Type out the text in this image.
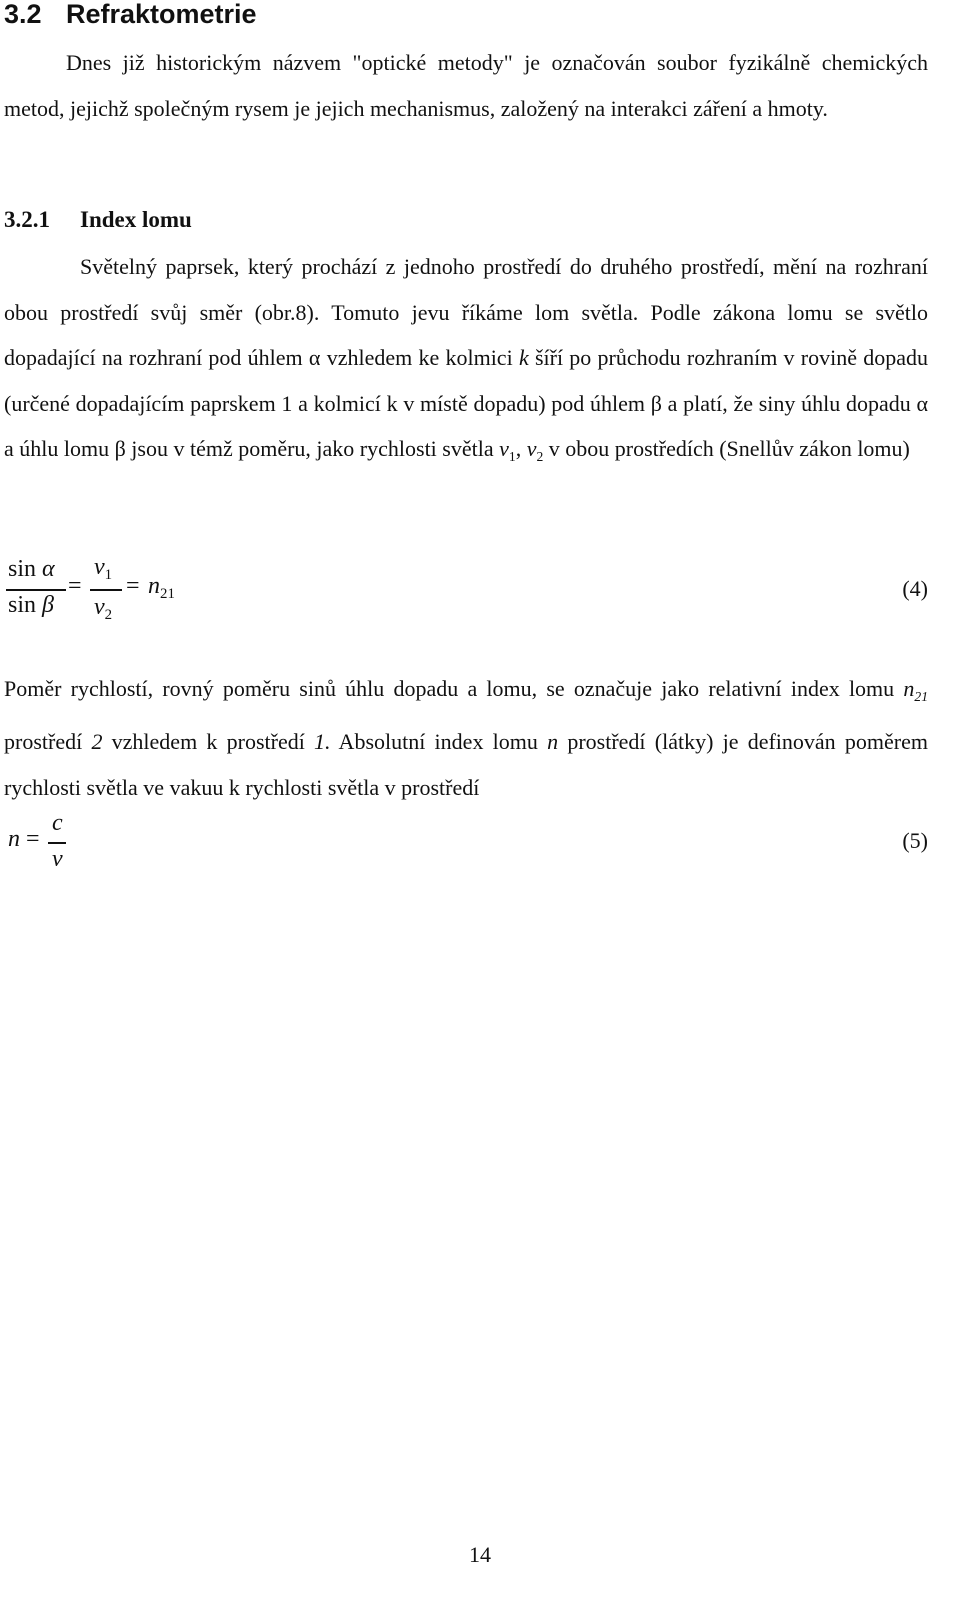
3.2 Refraktometrie

Dnes již historickým názvem "optické metody" je označován soubor fyzikálně chemických metod, jejichž společným rysem je jejich mechanismus, založený na interakci záření a hmoty.

3.2.1 Index lomu

Světelný paprsek, který prochází z jednoho prostředí do druhého prostředí, mění na rozhraní obou prostředí svůj směr (obr.8). Tomuto jevu říkáme lom světla. Podle zákona lomu se světlo dopadající na rozhraní pod úhlem α vzhledem ke kolmici k šíří po průchodu rozhraním v rovině dopadu (určené dopadajícím paprskem 1 a kolmicí k v místě dopadu) pod úhlem β a platí, že siny úhlu dopadu α a úhlu lomu β jsou v témž poměru, jako rychlosti světla $v_1$, $v_2$ v obou prostředích (Snellův zákon lomu)

sin α
sin β
=
$v_1$
$v_2$
= $n_{21}$	(4)

Poměr rychlostí, rovný poměru sinů úhlu dopadu a lomu, se označuje jako relativní index lomu $n_{21}$ prostředí 2 vzhledem k prostředí 1. Absolutní index lomu n prostředí (látky) je definován poměrem rychlosti světla ve vakuu k rychlosti světla v prostředí

n =
c
v
(5)
14
